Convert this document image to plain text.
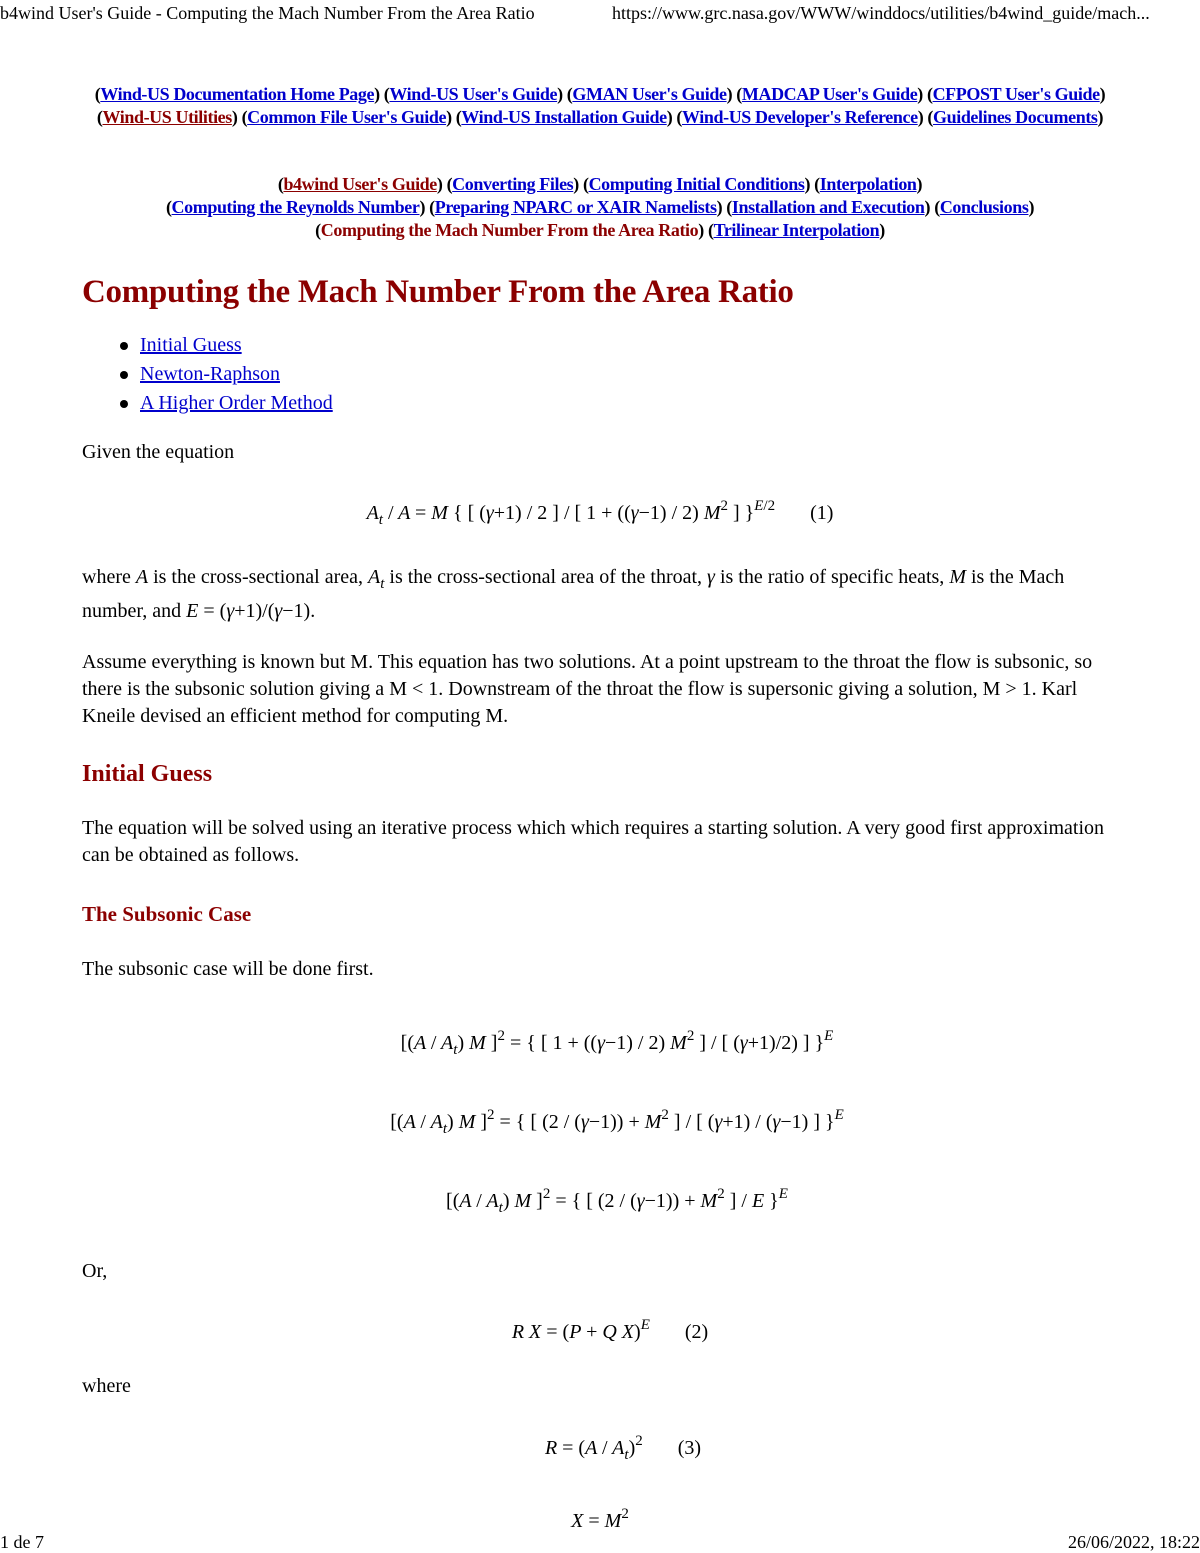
b4wind User's Guide - Computing the Mach Number From the Area Ratio	https://www.grc.nasa.gov/WWW/winddocs/utilities/b4wind_guide/mach...
(Wind-US Documentation Home Page) (Wind-US User's Guide) (GMAN User's Guide) (MADCAP User's Guide) (CFPOST User's Guide) (Wind-US Utilities) (Common File User's Guide) (Wind-US Installation Guide) (Wind-US Developer's Reference) (Guidelines Documents)
(b4wind User's Guide) (Converting Files) (Computing Initial Conditions) (Interpolation)
(Computing the Reynolds Number) (Preparing NPARC or XAIR Namelists) (Installation and Execution) (Conclusions)
(Computing the Mach Number From the Area Ratio) (Trilinear Interpolation)
Computing the Mach Number From the Area Ratio
Initial Guess
Newton-Raphson
A Higher Order Method

Given the equation

$A_t / A = M$ { [ (γ+1) / 2 ] / [ 1 + ((γ−1) / 2) $M^2$ ] }$^{E/2}$ (1)

where A is the cross-sectional area, $A_t$ is the cross-sectional area of the throat, γ is the ratio of specific heats, M is the Mach number, and E = (γ+1)/(γ−1).

Assume everything is known but M. This equation has two solutions. At a point upstream to the throat the flow is subsonic, so there is the subsonic solution giving a M < 1. Downstream of the throat the flow is supersonic giving a solution, M > 1. Karl Kneile devised an efficient method for computing M.

Initial Guess

The equation will be solved using an iterative process which which requires a starting solution. A very good first approximation can be obtained as follows.

The Subsonic Case

The subsonic case will be done first.

[$(A / A_t)$ M ]$^2$ = { [ 1 + ((γ−1) / 2) $M^2$ ] / [ (γ+1)/2) ] }$^E$
[$(A / A_t)$ M ]$^2$ = { [ $(2 / (\gamma-1)) + M^2$ ] / [ (γ+1) / (γ−1) ] }$^E$
[$(A / A_t)$ M ]$^2$ = { [ $(2 / (\gamma-1)) + M^2$ ] / E }$^E$

Or,

R X = (P + Q X)$^E$ (2)

where

$R = (A / A_t)^2$ (3)
$X = M^2$
1 de 7	26/06/2022, 18:22
